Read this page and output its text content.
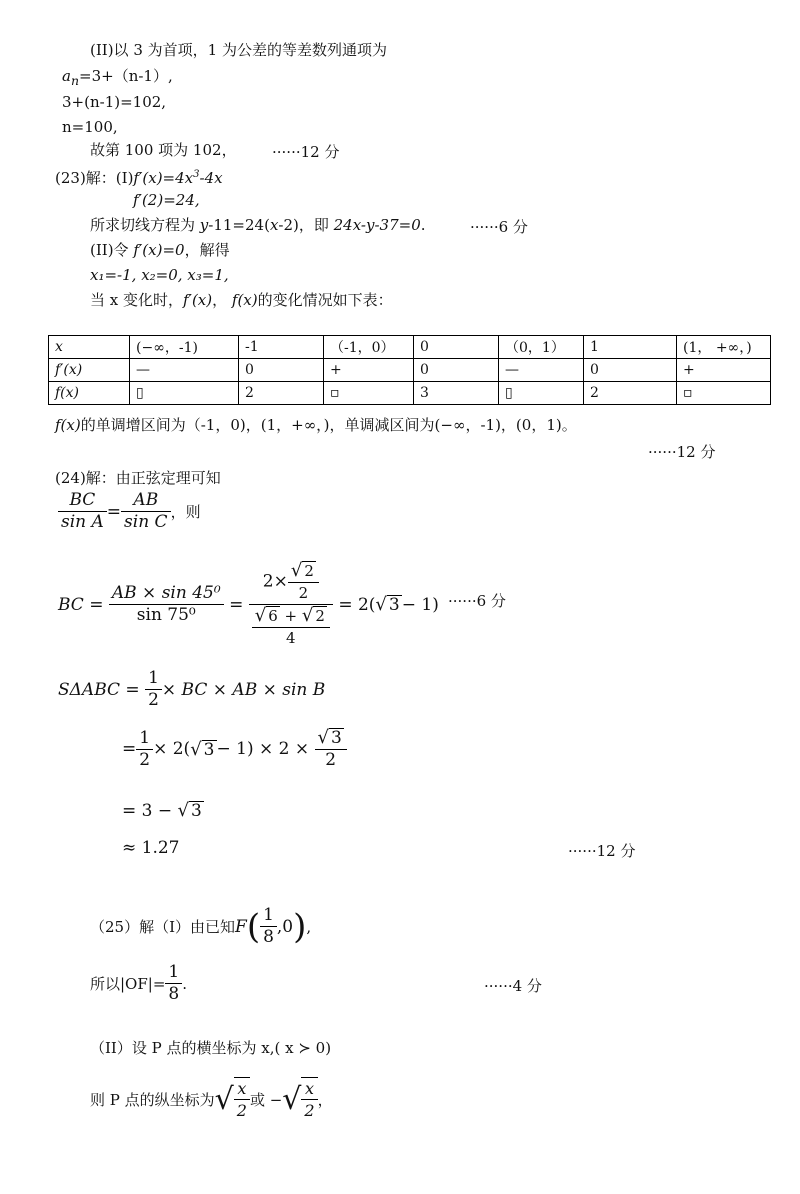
(II)以 3 为首项，1 为公差的等差数列通项为
$a_n=3+(n-1)$,
3+(n-1)=102,
n=100,
故第 100 项为 102， ······12 分
(23)解：$(I)f'(x)=4x^3-4x$
f′(2)=24,
所求切线方程为 y-11=24(x-2)，即 24x-y-37=0.	······6 分
(II)令 f′(x)=0，解得
x₁=-1, x₂=0, x₃=1,
当 x 变化时，f′(x)， f(x)的变化情况如下表：
x	(−∞，-1)	-1	（-1，0）	0	（0，1）	1	(1， +∞，)
f′(x)	—	0	+	0	—	0	+
f(x)	▯	2	▫	3	▯	2	▫
f(x)的单调增区间为（-1，0)，(1，+∞，)，单调减区间为(−∞，-1)，(0，1)。
······12 分
(24)解：由正弦定理可知
$\frac{BC}{\text{sin A}} = \frac{AB}{\text{sin C}}$ ，则
BC =
$\frac{\text{AB × sin 45⁰}}{\text{sin 75⁰}} = \frac{2\times \frac{√ 2}{2}}{\frac{√ 6 + √ 2}{4}}$
= 2( √ 3 − 1) ······6 分
SΔABC =
$\frac{1}{2}$ × BC × AB × sin B
= $\frac{1}{2} \times 2$( √ 3 − 1) × 2 ×
$\frac{√ 3}{2}$
= 3 −
√ 3
≈ 1.27	······12 分
（25）解（I）由已知 F ( $\frac{1}{8} ,0$ ) ,
所以$|OF|= \frac{1}{8}$ .	······4 分
（II）设 P 点的横坐标为 x,( x ≻ 0)
则 P 点的纵坐标为 √ $\frac{x}{2}$ 或 − √ $\frac{x}{2}$ ，
